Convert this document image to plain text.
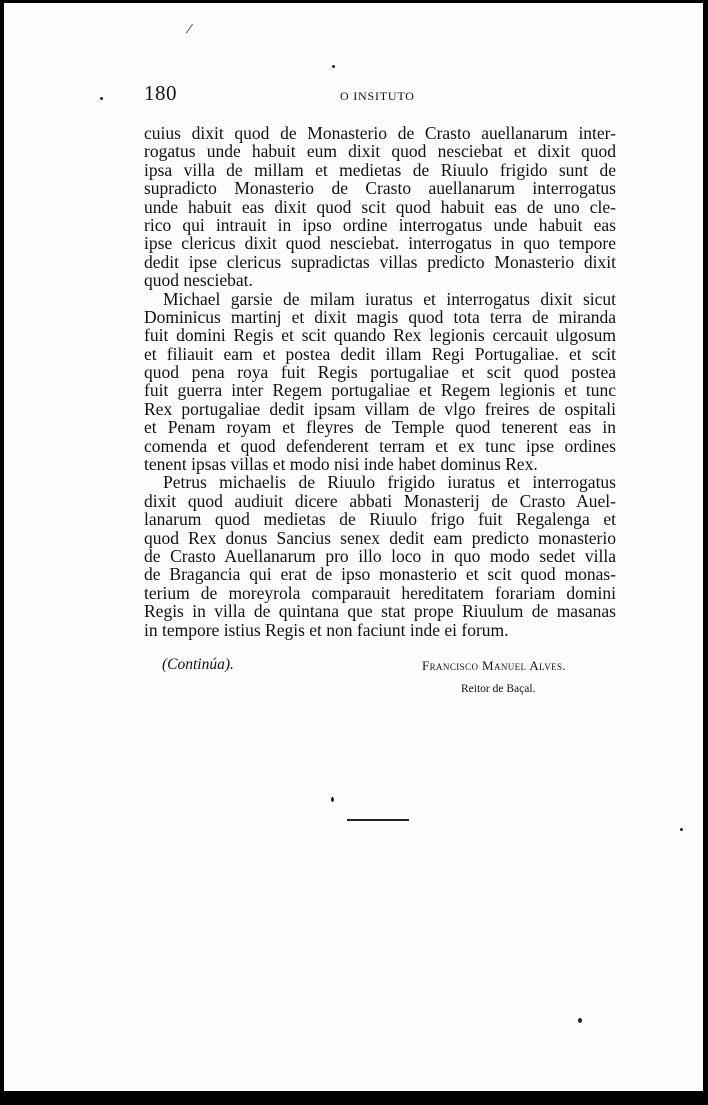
180	O INSITUTO
cuius dixit quod de Monasterio de Crasto auellanarum inter-
rogatus unde habuit eum dixit quod nesciebat et dixit quod
ipsa villa de millam et medietas de Riuulo frigido sunt de
supradicto Monasterio de Crasto auellanarum interrogatus
unde habuit eas dixit quod scit quod habuit eas de uno cle-
rico qui intrauit in ipso ordine interrogatus unde habuit eas
ipse clericus dixit quod nesciebat. interrogatus in quo tempore
dedit ipse clericus supradictas villas predicto Monasterio dixit
quod nesciebat.
Michael garsie de milam iuratus et interrogatus dixit sicut
Dominicus martinj et dixit magis quod tota terra de miranda
fuit domini Regis et scit quando Rex legionis cercauit ulgosum
et filiauit eam et postea dedit illam Regi Portugaliae. et scit
quod pena roya fuit Regis portugaliae et scit quod postea
fuit guerra inter Regem portugaliae et Regem legionis et tunc
Rex portugaliae dedit ipsam villam de vlgo freires de ospitali
et Penam royam et fleyres de Temple quod tenerent eas in
comenda et quod defenderent terram et ex tunc ipse ordines
tenent ipsas villas et modo nisi inde habet dominus Rex.
Petrus michaelis de Riuulo frigido iuratus et interrogatus
dixit quod audiuit dicere abbati Monasterij de Crasto Auel-
lanarum quod medietas de Riuulo frigo fuit Regalenga et
quod Rex donus Sancius senex dedit eam predicto monasterio
de Crasto Auellanarum pro illo loco in quo modo sedet villa
de Bragancia qui erat de ipso monasterio et scit quod monas-
terium de moreyrola comparauit hereditatem forariam domini
Regis in villa de quintana que stat prope Riuulum de masanas
in tempore istius Regis et non faciunt inde ei forum.
(Continúa).	Francisco Manuel Alves.
Reitor de Baçal.
